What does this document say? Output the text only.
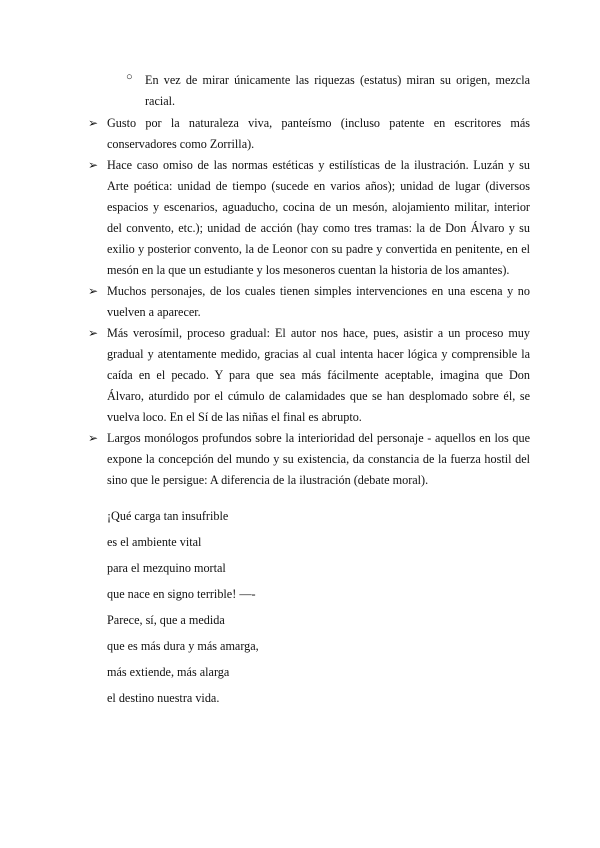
○ En vez de mirar únicamente las riquezas (estatus) miran su origen, mezcla racial.
➢ Gusto por la naturaleza viva, panteísmo (incluso patente en escritores más conservadores como Zorrilla).
➢ Hace caso omiso de las normas estéticas y estilísticas de la ilustración. Luzán y su Arte poética: unidad de tiempo (sucede en varios años); unidad de lugar (diversos espacios y escenarios, aguaducho, cocina de un mesón, alojamiento militar, interior del convento, etc.); unidad de acción (hay como tres tramas: la de Don Álvaro y su exilio y posterior convento, la de Leonor con su padre y convertida en penitente, en el mesón en la que un estudiante y los mesoneros cuentan la historia de los amantes).
➢ Muchos personajes, de los cuales tienen simples intervenciones en una escena y no vuelven a aparecer.
➢ Más verosímil, proceso gradual: El autor nos hace, pues, asistir a un proceso muy gradual y atentamente medido, gracias al cual intenta hacer lógica y comprensible la caída en el pecado. Y para que sea más fácilmente aceptable, imagina que Don Álvaro, aturdido por el cúmulo de calamidades que se han desplomado sobre él, se vuelva loco. En el Sí de las niñas el final es abrupto.
➢ Largos monólogos profundos sobre la interioridad del personaje - aquellos en los que expone la concepción del mundo y su existencia, da constancia de la fuerza hostil del sino que le persigue: A diferencia de la ilustración (debate moral).
¡Qué carga tan insufrible
es el ambiente vital
para el mezquino mortal
que nace en signo terrible! —-
Parece, sí, que a medida
que es más dura y más amarga,
más extiende, más alarga
el destino nuestra vida.
